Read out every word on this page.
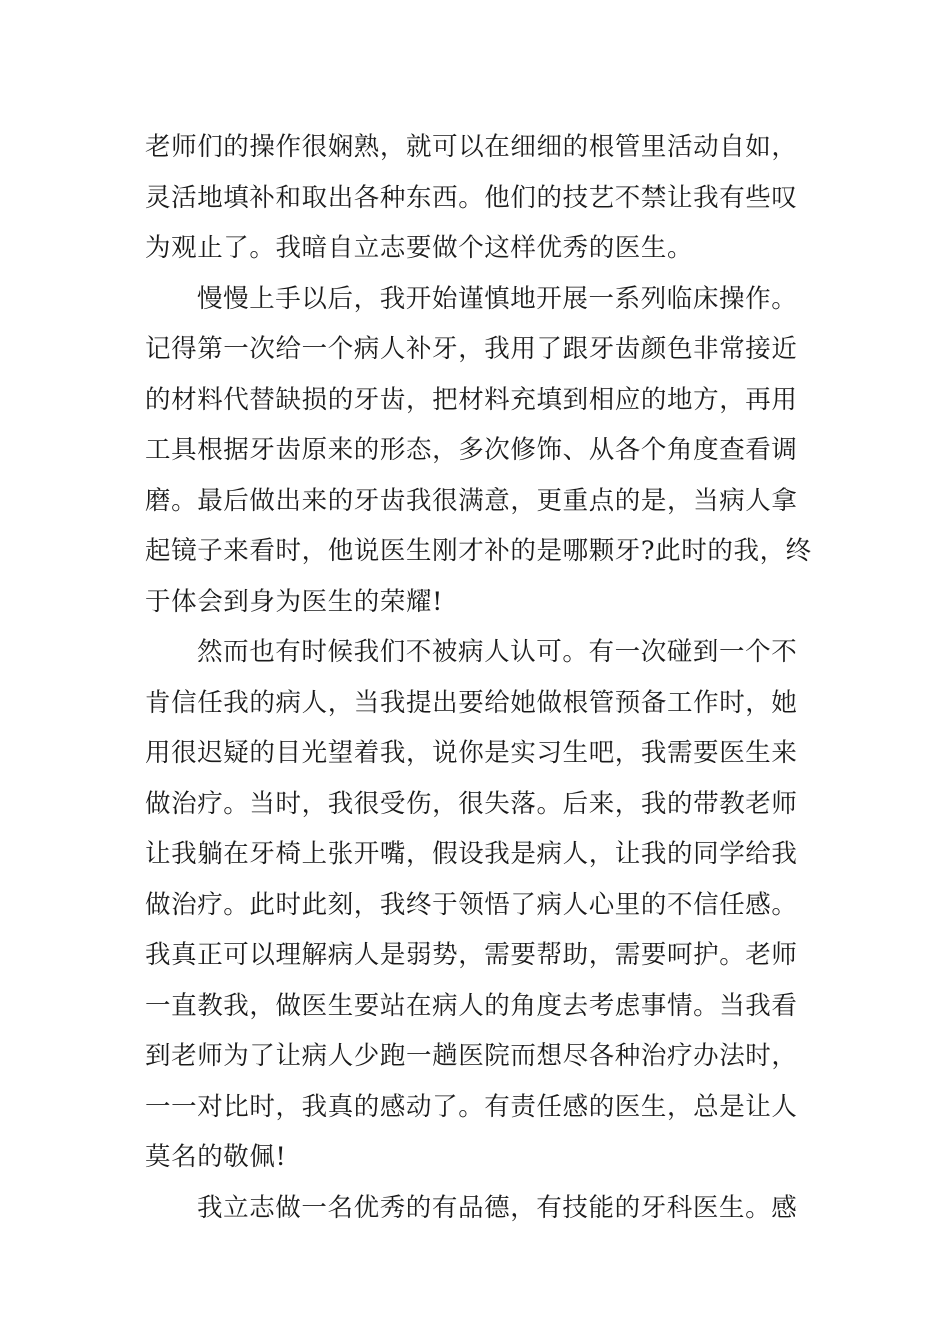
老师们的操作很娴熟，就可以在细细的根管里活动自如，
灵活地填补和取出各种东西。他们的技艺不禁让我有些叹
为观止了。我暗自立志要做个这样优秀的医生。
慢慢上手以后，我开始谨慎地开展一系列临床操作。
记得第一次给一个病人补牙，我用了跟牙齿颜色非常接近
的材料代替缺损的牙齿，把材料充填到相应的地方，再用
工具根据牙齿原来的形态，多次修饰、从各个角度查看调
磨。最后做出来的牙齿我很满意，更重点的是，当病人拿
起镜子来看时，他说医生刚才补的是哪颗牙?此时的我，终
于体会到身为医生的荣耀!
然而也有时候我们不被病人认可。有一次碰到一个不
肯信任我的病人，当我提出要给她做根管预备工作时，她
用很迟疑的目光望着我，说你是实习生吧，我需要医生来
做治疗。当时，我很受伤，很失落。后来，我的带教老师
让我躺在牙椅上张开嘴，假设我是病人，让我的同学给我
做治疗。此时此刻，我终于领悟了病人心里的不信任感。
我真正可以理解病人是弱势，需要帮助，需要呵护。老师
一直教我，做医生要站在病人的角度去考虑事情。当我看
到老师为了让病人少跑一趟医院而想尽各种治疗办法时，
一一对比时，我真的感动了。有责任感的医生，总是让人
莫名的敬佩!
我立志做一名优秀的有品德，有技能的牙科医生。感
